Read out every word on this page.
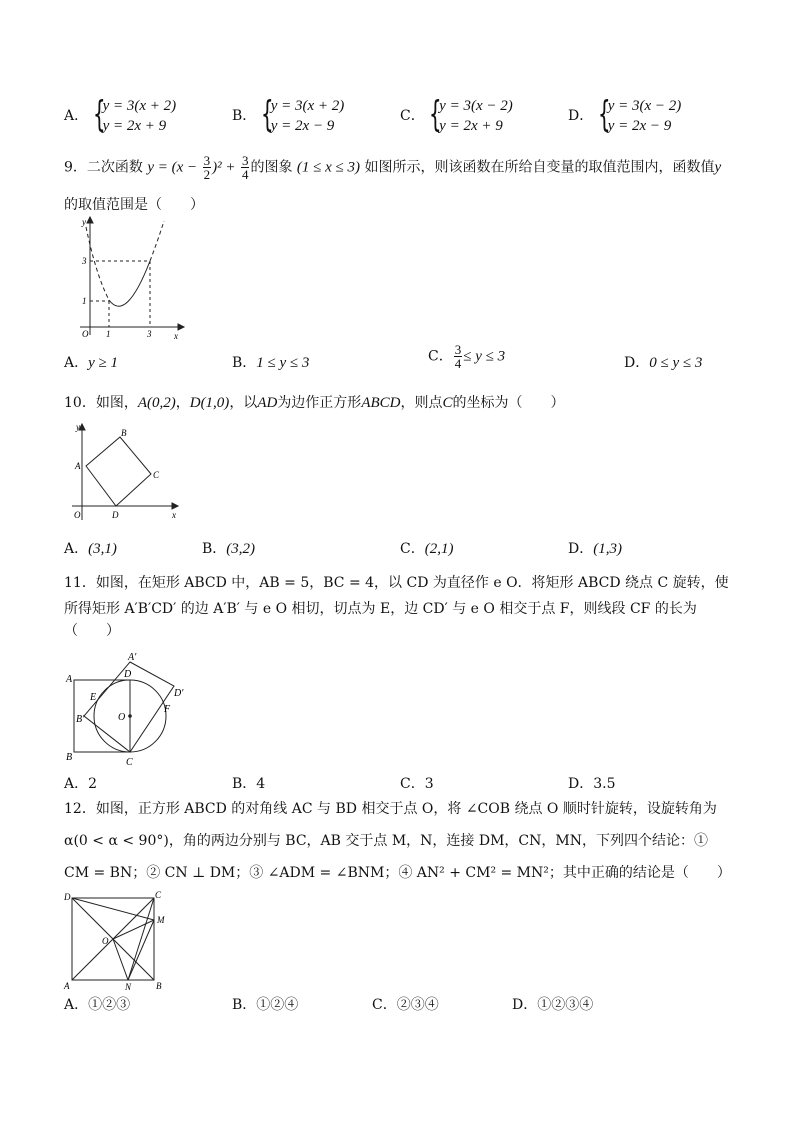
A． {
y = 3(x + 2)
y = 2x + 9
B． {
y = 3(x + 2)
y = 2x − 9
C． {
y = 3(x − 2)
y = 2x + 9
D． {
y = 3(x − 2)
y = 2x − 9
9．二次函数 $y = (x - \frac{3}{2} )^2 + \frac{3}{4}$ 的图象 (1 ≤ x ≤ 3) 如图所示，则该函数在所给自变量的取值范围内，函数值y
的取值范围是（　　）
y
x
O 1	3
1
3
A．y ≥ 1	B．1 ≤ y ≤ 3	C． $\frac{3}{4} \le y \le 3$	D．0 ≤ y ≤ 3
10．如图，A(0,2)，D(1,0)，以AD为边作正方形ABCD，则点C的坐标为（　　）
y
x
O
A
B
C
D
A．(3,1)	B．(3,2)	C．(2,1)	D．(1,3)
11．如图，在矩形 ABCD 中，AB = 5，BC = 4，以 CD 为直径作 e O．将矩形 ABCD 绕点 C 旋转，使
所得矩形 A′B′CD′ 的边 A′B′ 与 e O 相切，切点为 E，边 CD′ 与 e O 相交于点 F，则线段 CF 的长为
（　　）
A
B	C
D
A′
B′
D′
E
F
O
A．2	B．4	C．3	D．3.5
12．如图，正方形 ABCD 的对角线 AC 与 BD 相交于点 O，将 ∠COB 绕点 O 顺时针旋转，设旋转角为
α(0 < α < 90°)，角的两边分别与 BC，AB 交于点 M，N，连接 DM，CN，MN，下列四个结论：①
CM = BN；② CN ⊥ DM；③ ∠ADM = ∠BNM；④ AN² + CM² = MN²；其中正确的结论是（　　）
D	C
A	B
O
M
N
A．①②③	B．①②④	C．②③④	D．①②③④
